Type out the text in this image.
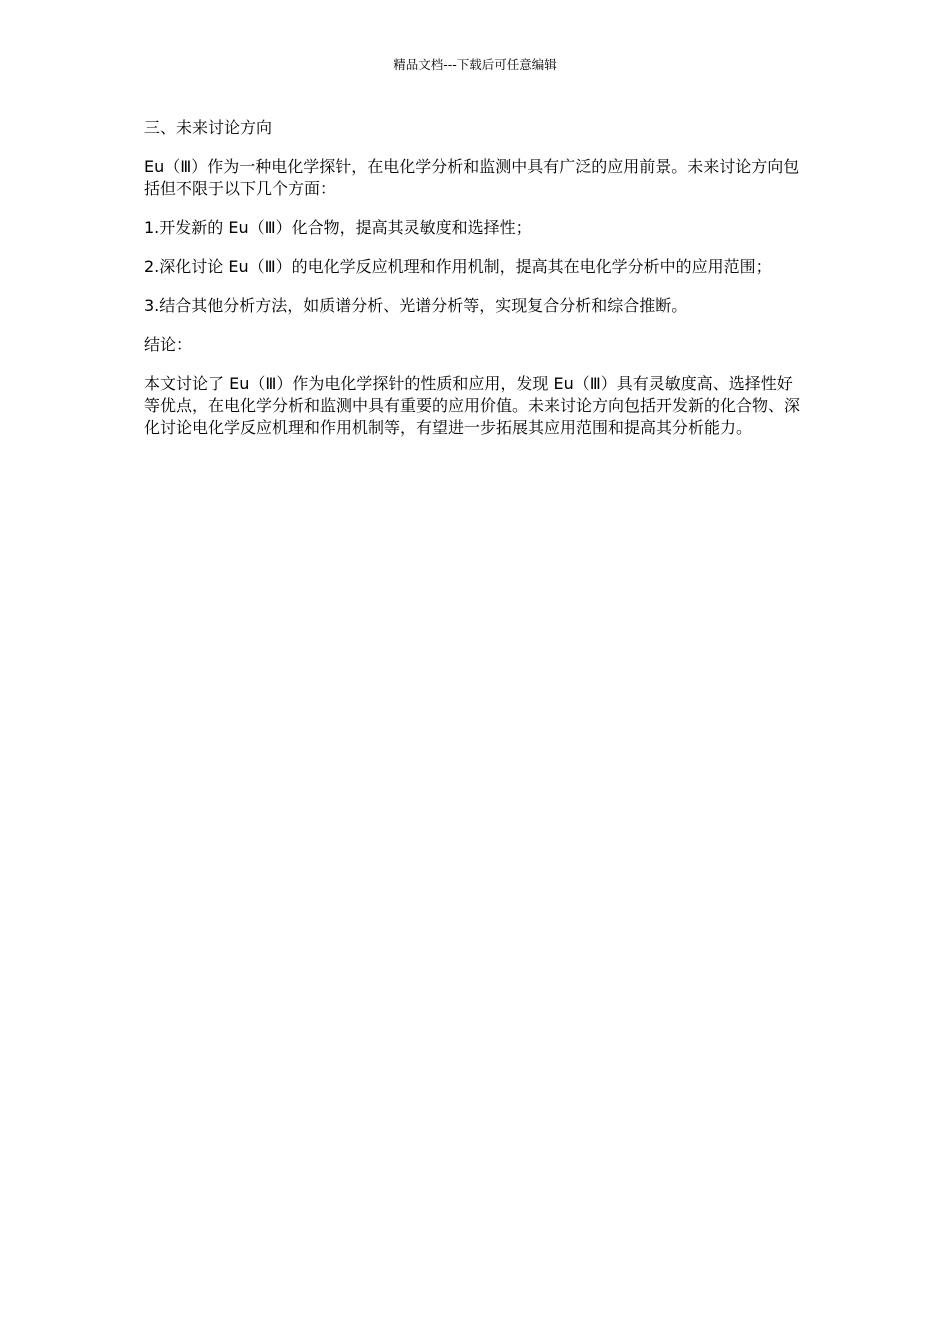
精品文档---下载后可任意编辑

三、未来讨论方向

Eu（Ⅲ）作为一种电化学探针，在电化学分析和监测中具有广泛的应用前景。未来讨论方向包括但不限于以下几个方面：

1.开发新的 Eu（Ⅲ）化合物，提高其灵敏度和选择性；

2.深化讨论 Eu（Ⅲ）的电化学反应机理和作用机制，提高其在电化学分析中的应用范围；

3.结合其他分析方法，如质谱分析、光谱分析等，实现复合分析和综合推断。

结论：

本文讨论了 Eu（Ⅲ）作为电化学探针的性质和应用，发现 Eu（Ⅲ）具有灵敏度高、选择性好等优点，在电化学分析和监测中具有重要的应用价值。未来讨论方向包括开发新的化合物、深化讨论电化学反应机理和作用机制等，有望进一步拓展其应用范围和提高其分析能力。
